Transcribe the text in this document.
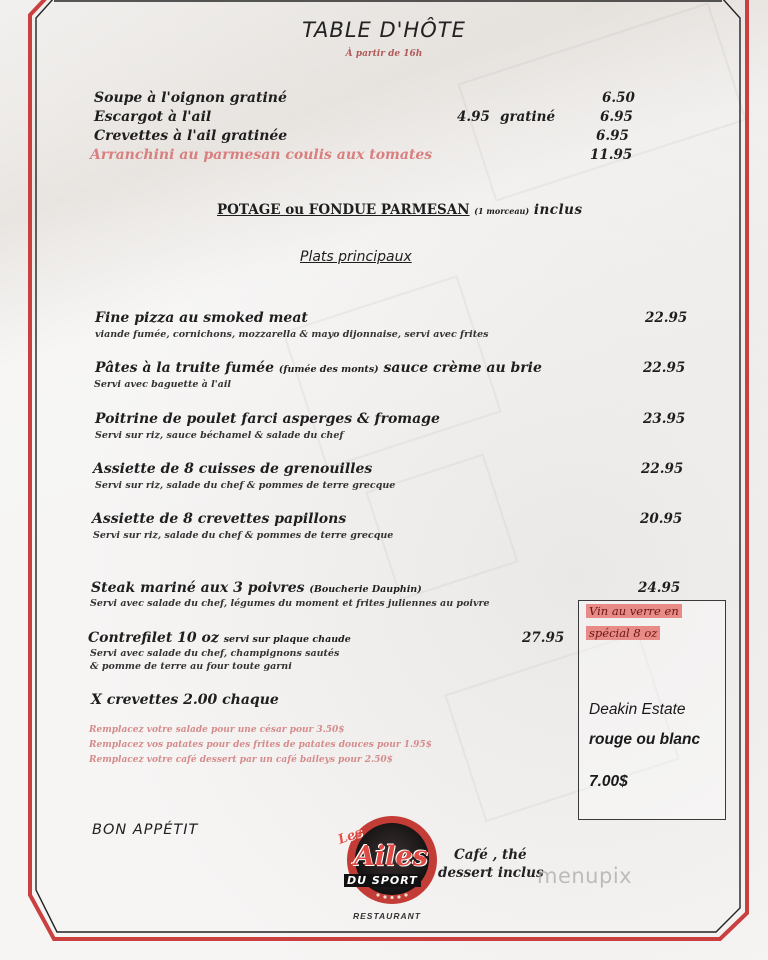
TABLE D'HÔTE
À partir de 16h
Soupe à l'oignon gratiné	6.50
Escargot à l'ail	4.95 gratiné	6.95
Crevettes à l'ail gratinée	6.95
Arranchini au parmesan coulis aux tomates	11.95
POTAGE ou FONDUE PARMESAN (1 morceau) inclus
Plats principaux
Fine pizza au smoked meat
viande fumée, cornichons, mozzarella & mayo dijonnaise, servi avec frites
22.95
Pâtes à la truite fumée (fumée des monts) sauce crème au brie
Servi avec baguette à l'ail
22.95
Poitrine de poulet farci asperges & fromage
Servi sur riz, sauce béchamel & salade du chef
23.95
Assiette de 8 cuisses de grenouilles
Servi sur riz, salade du chef & pommes de terre grecque
22.95
Assiette de 8 crevettes papillons
Servi sur riz, salade du chef & pommes de terre grecque
20.95
Steak mariné aux 3 poivres (Boucherie Dauphin)
Servi avec salade du chef, légumes du moment et frites juliennes au poivre
24.95
Contrefilet 10 oz servi sur plaque chaude
Servi avec salade du chef, champignons sautés
& pomme de terre au four toute garni
27.95
Vin au verre en
spécial 8 oz
Deakin Estate
rouge ou blanc
7.00$
X crevettes 2.00 chaque
Remplacez votre salade pour une césar pour 3.50$
Remplacez vos patates pour des frites de patates douces pour 1.95$
Remplacez votre café dessert par un café baileys pour 2.50$
BON APPÉTIT	Les
Ailes
DU SPORT
RESTAURANT
Café , thé
dessert inclus
menupix
